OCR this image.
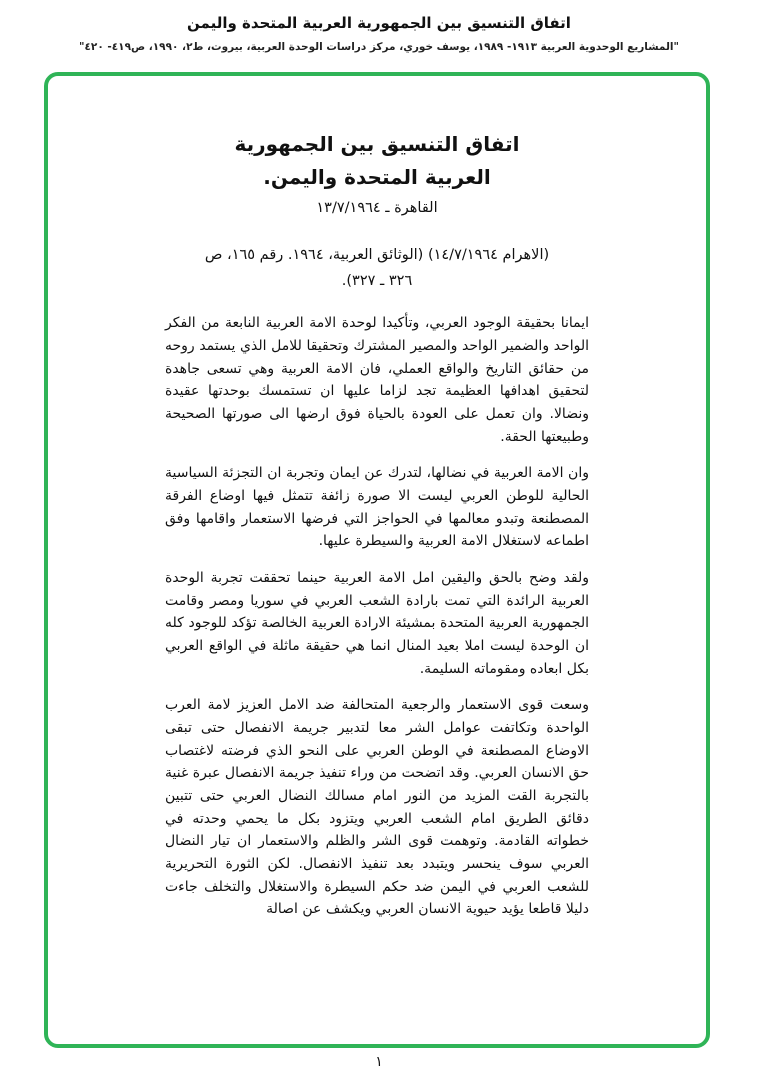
اتفاق التنسيق بين الجمهورية العربية المتحدة واليمن
"المشاريع الوحدوية العربية ١٩١٣- ١٩٨٩، يوسف خوري، مركز دراسات الوحدة العربية، بيروت، ط٢، ١٩٩٠، ص٤١٩- ٤٢٠"
اتفاق التنسيق بين الجمهورية العربية المتحدة واليمن.
القاهرة ـ ١٣/٧/١٩٦٤
(الاهرام ١٤/٧/١٩٦٤) (الوثائق العربية، ١٩٦٤. رقم ١٦٥، ص ٣٢٦ ـ ٣٢٧).

ايمانا بحقيقة الوجود العربي، وتأكيدا لوحدة الامة العربية النابعة من الفكر الواحد والضمير الواحد والمصير المشترك وتحقيقا للامل الذي يستمد روحه من حقائق التاريخ والواقع العملي، فان الامة العربية وهي تسعى جاهدة لتحقيق اهدافها العظيمة تجد لزاما عليها ان تستمسك بوحدتها عقيدة ونضالا. وان تعمل على العودة بالحياة فوق ارضها الى صورتها الصحيحة وطبيعتها الحقة.

وان الامة العربية في نضالها، لتدرك عن ايمان وتجربة ان التجزئة السياسية الحالية للوطن العربي ليست الا صورة زائفة تتمثل فيها اوضاع الفرقة المصطنعة وتبدو معالمها في الحواجز التي فرضها الاستعمار واقامها وفق اطماعه لاستغلال الامة العربية والسيطرة عليها.

ولقد وضح بالحق واليقين امل الامة العربية حينما تحققت تجربة الوحدة العربية الرائدة التي تمت بارادة الشعب العربي في سوريا ومصر وقامت الجمهورية العربية المتحدة بمشيئة الارادة العربية الخالصة تؤكد للوجود كله ان الوحدة ليست املا بعيد المنال انما هي حقيقة ماثلة في الواقع العربي بكل ابعاده ومقوماته السليمة.

وسعت قوى الاستعمار والرجعية المتحالفة ضد الامل العزيز لامة العرب الواحدة وتكاتفت عوامل الشر معا لتدبير جريمة الانفصال حتى تبقى الاوضاع المصطنعة في الوطن العربي على النحو الذي فرضته لاغتصاب حق الانسان العربي. وقد اتضحت من وراء تنفيذ جريمة الانفصال عبرة غنية بالتجربة القت المزيد من النور امام مسالك النضال العربي حتى تتبين دقائق الطريق امام الشعب العربي ويتزود بكل ما يحمي وحدته في خطواته القادمة. وتوهمت قوى الشر والظلم والاستعمار ان تيار النضال العربي سوف ينحسر ويتبدد بعد تنفيذ الانفصال. لكن الثورة التحريرية للشعب العربي في اليمن ضد حكم السيطرة والاستغلال والتخلف جاءت دليلا قاطعا يؤيد حيوية الانسان العربي ويكشف عن اصالة

١
